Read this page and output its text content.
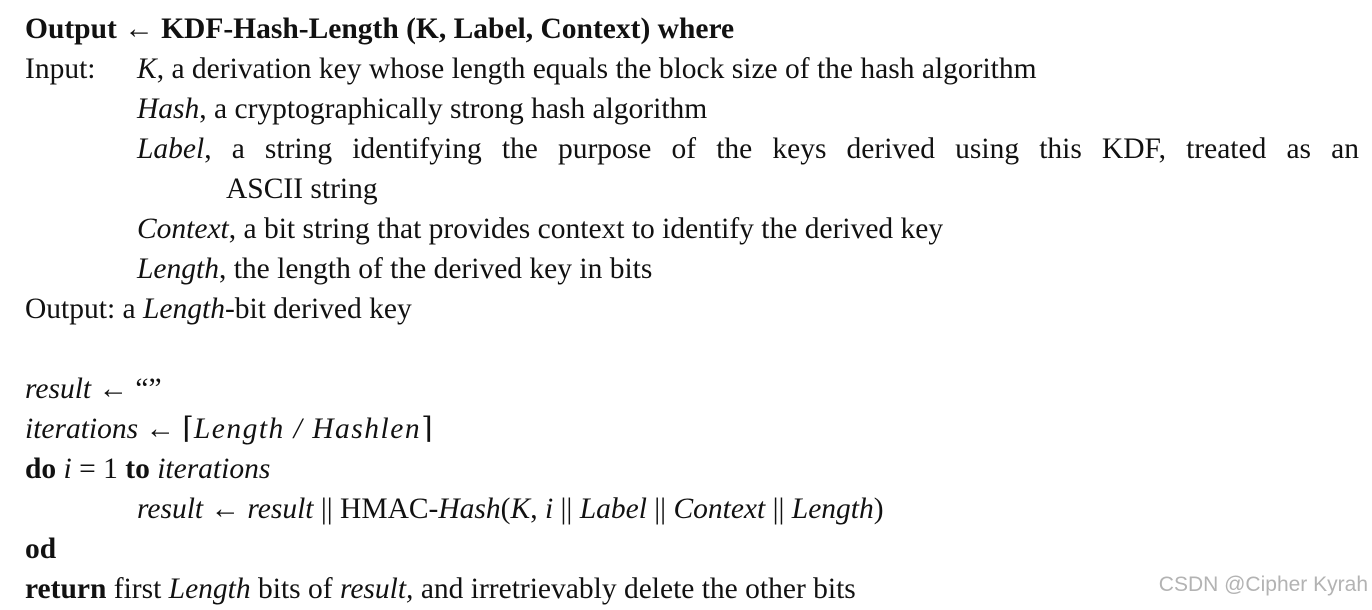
Output ← KDF-Hash-Length (K, Label, Context) where
Input: K, a derivation key whose length equals the block size of the hash algorithm
Hash, a cryptographically strong hash algorithm
Label, a string identifying the purpose of the keys derived using this KDF, treated as an
ASCII string
Context, a bit string that provides context to identify the derived key
Length, the length of the derived key in bits
Output: a Length-bit derived key
result ← “”
iterations ← ⌈Length / Hashlen⌉
do i = 1 to iterations
result ← result || HMAC-Hash(K, i || Label || Context || Length)
od
return first Length bits of result, and irretrievably delete the other bits	CSDN @Cipher Kyrah
